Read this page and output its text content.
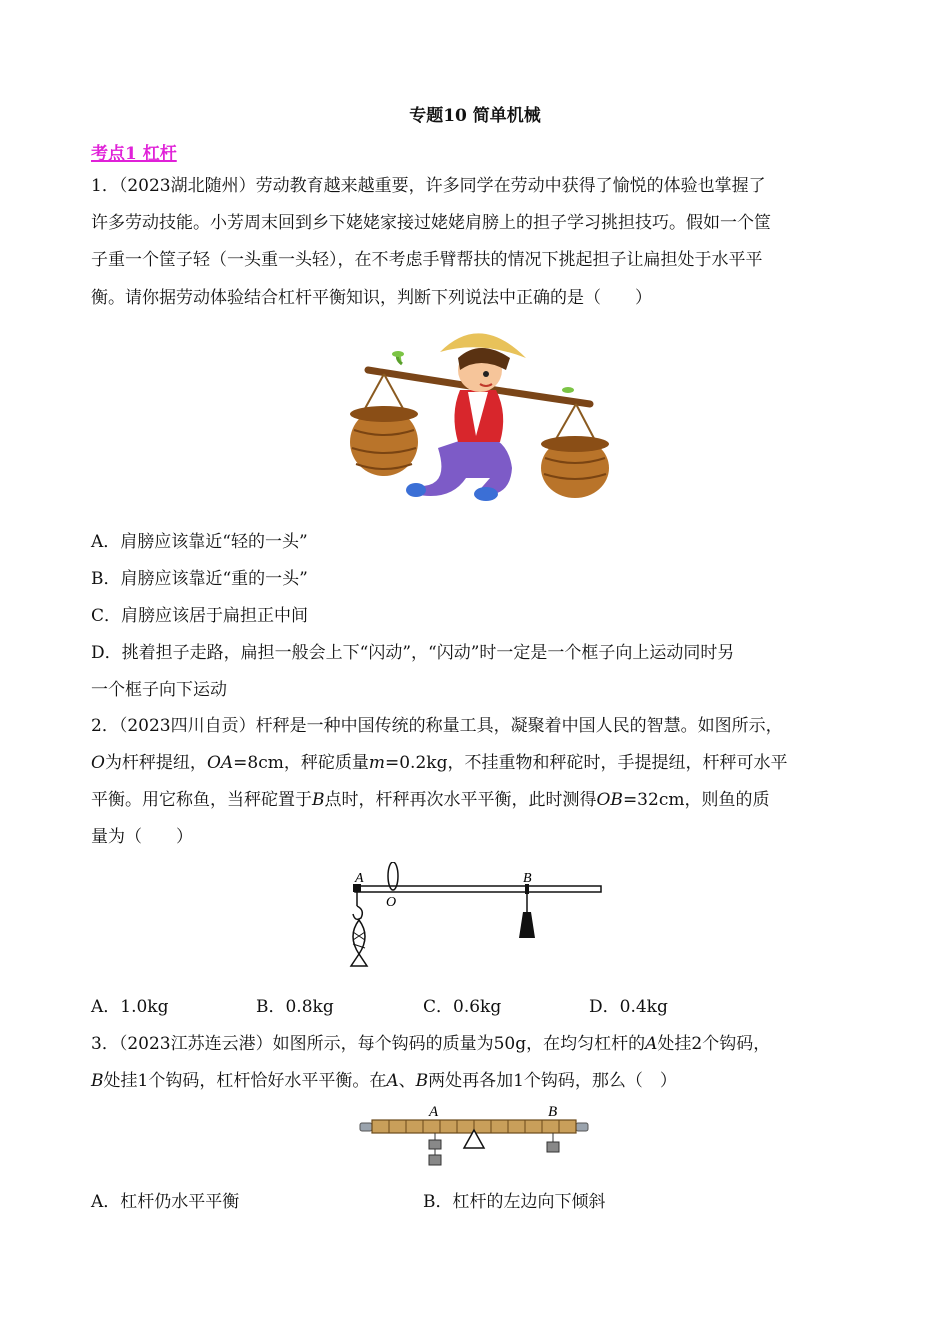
专题10 简单机械
考点1 杠杆
1．（2023湖北随州）劳动教育越来越重要，许多同学在劳动中获得了愉悦的体验也掌握了
许多劳动技能。小芳周末回到乡下姥姥家接过姥姥肩膀上的担子学习挑担技巧。假如一个筐
子重一个筐子轻（一头重一头轻），在不考虑手臂帮扶的情况下挑起担子让扁担处于水平平
衡。请你据劳动体验结合杠杆平衡知识，判断下列说法中正确的是（　　）
A．肩膀应该靠近“轻的一头”
B．肩膀应该靠近“重的一头”
C．肩膀应该居于扁担正中间
D．挑着担子走路，扁担一般会上下“闪动”，“闪动”时一定是一个框子向上运动同时另
一个框子向下运动
2．（2023四川自贡）杆秤是一种中国传统的称量工具，凝聚着中国人民的智慧。如图所示，
O为杆秤提纽，OA=8cm，秤砣质量m=0.2kg，不挂重物和秤砣时，手提提纽，杆秤可水平
平衡。用它称鱼，当秤砣置于B点时，杆秤再次水平平衡，此时测得OB=32cm，则鱼的质
量为（　　）
A
O
B
A．1.0kg	B．0.8kg	C．0.6kg	D．0.4kg
3．（2023江苏连云港）如图所示，每个钩码的质量为50g，在均匀杠杆的A处挂2个钩码，
B处挂1个钩码，杠杆恰好水平平衡。在A、B两处再各加1个钩码，那么（　）
A	B
A．杠杆仍水平平衡	B．杠杆的左边向下倾斜
